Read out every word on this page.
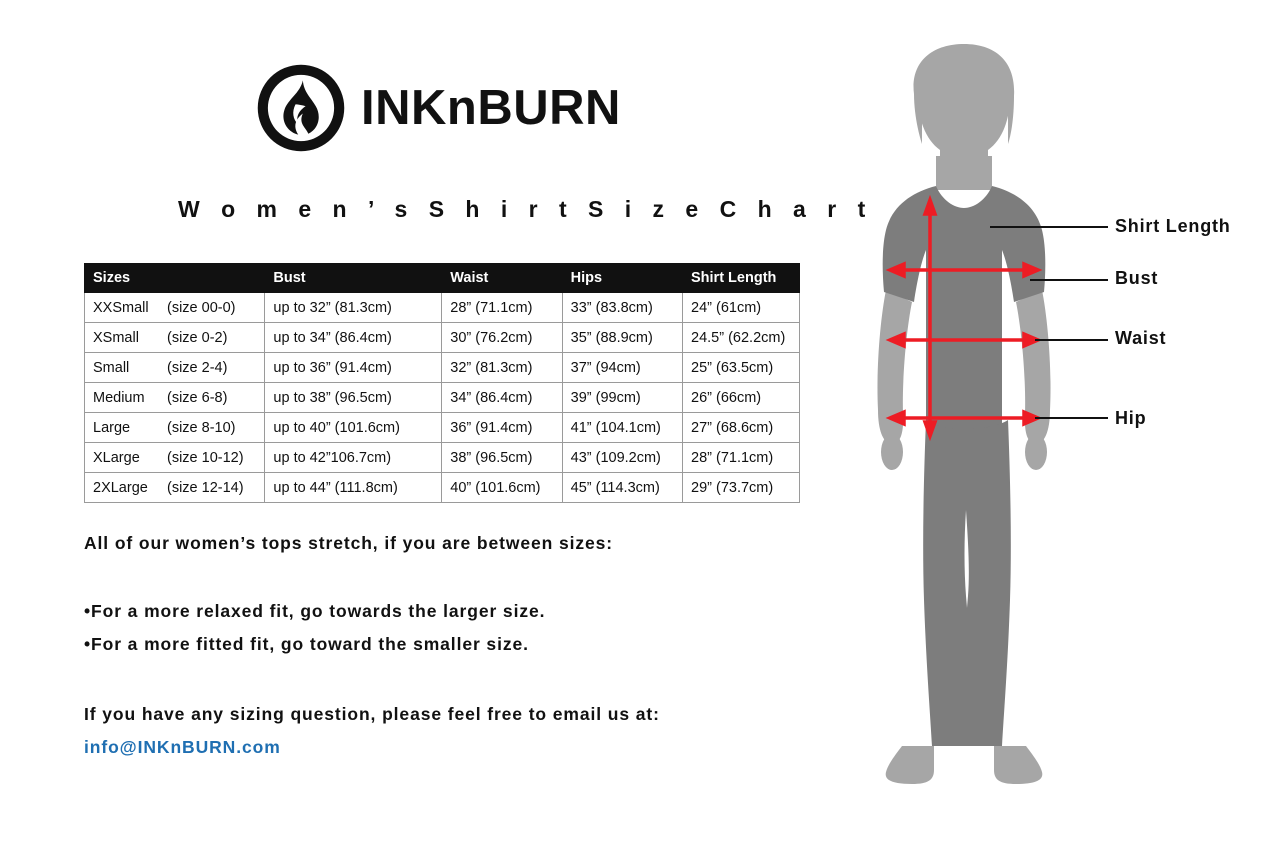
INKnBURN
W o m e n ’ s S h i r t S i z e C h a r t
Sizes	Bust	Waist	Hips	Shirt Length

XXSmall (size 00-0)	up to 32” (81.3cm)	28” (71.1cm)	33” (83.8cm)	24” (61cm)

XSmall (size 0-2)	up to 34” (86.4cm)	30” (76.2cm)	35” (88.9cm)	24.5” (62.2cm)

Small (size 2-4)	up to 36” (91.4cm)	32” (81.3cm)	37” (94cm)	25” (63.5cm)

Medium (size 6-8)	up to 38” (96.5cm)	34” (86.4cm)	39” (99cm)	26” (66cm)

Large (size 8-10)	up to 40” (101.6cm)	36” (91.4cm)	41” (104.1cm)	27” (68.6cm)

XLarge (size 10-12)	up to 42”106.7cm)	38” (96.5cm)	43” (109.2cm)	28” (71.1cm)

2XLarge (size 12-14)	up to 44” (111.8cm)	40” (101.6cm)	45” (114.3cm)	29” (73.7cm)
All of our women’s tops stretch, if you are between sizes:
•For a more relaxed fit, go towards the larger size.
•For a more fitted fit, go toward the smaller size.
If you have any sizing question, please feel free to email us at:
info@INKnBURN.com
Shirt Length
Bust
Waist
Hip
